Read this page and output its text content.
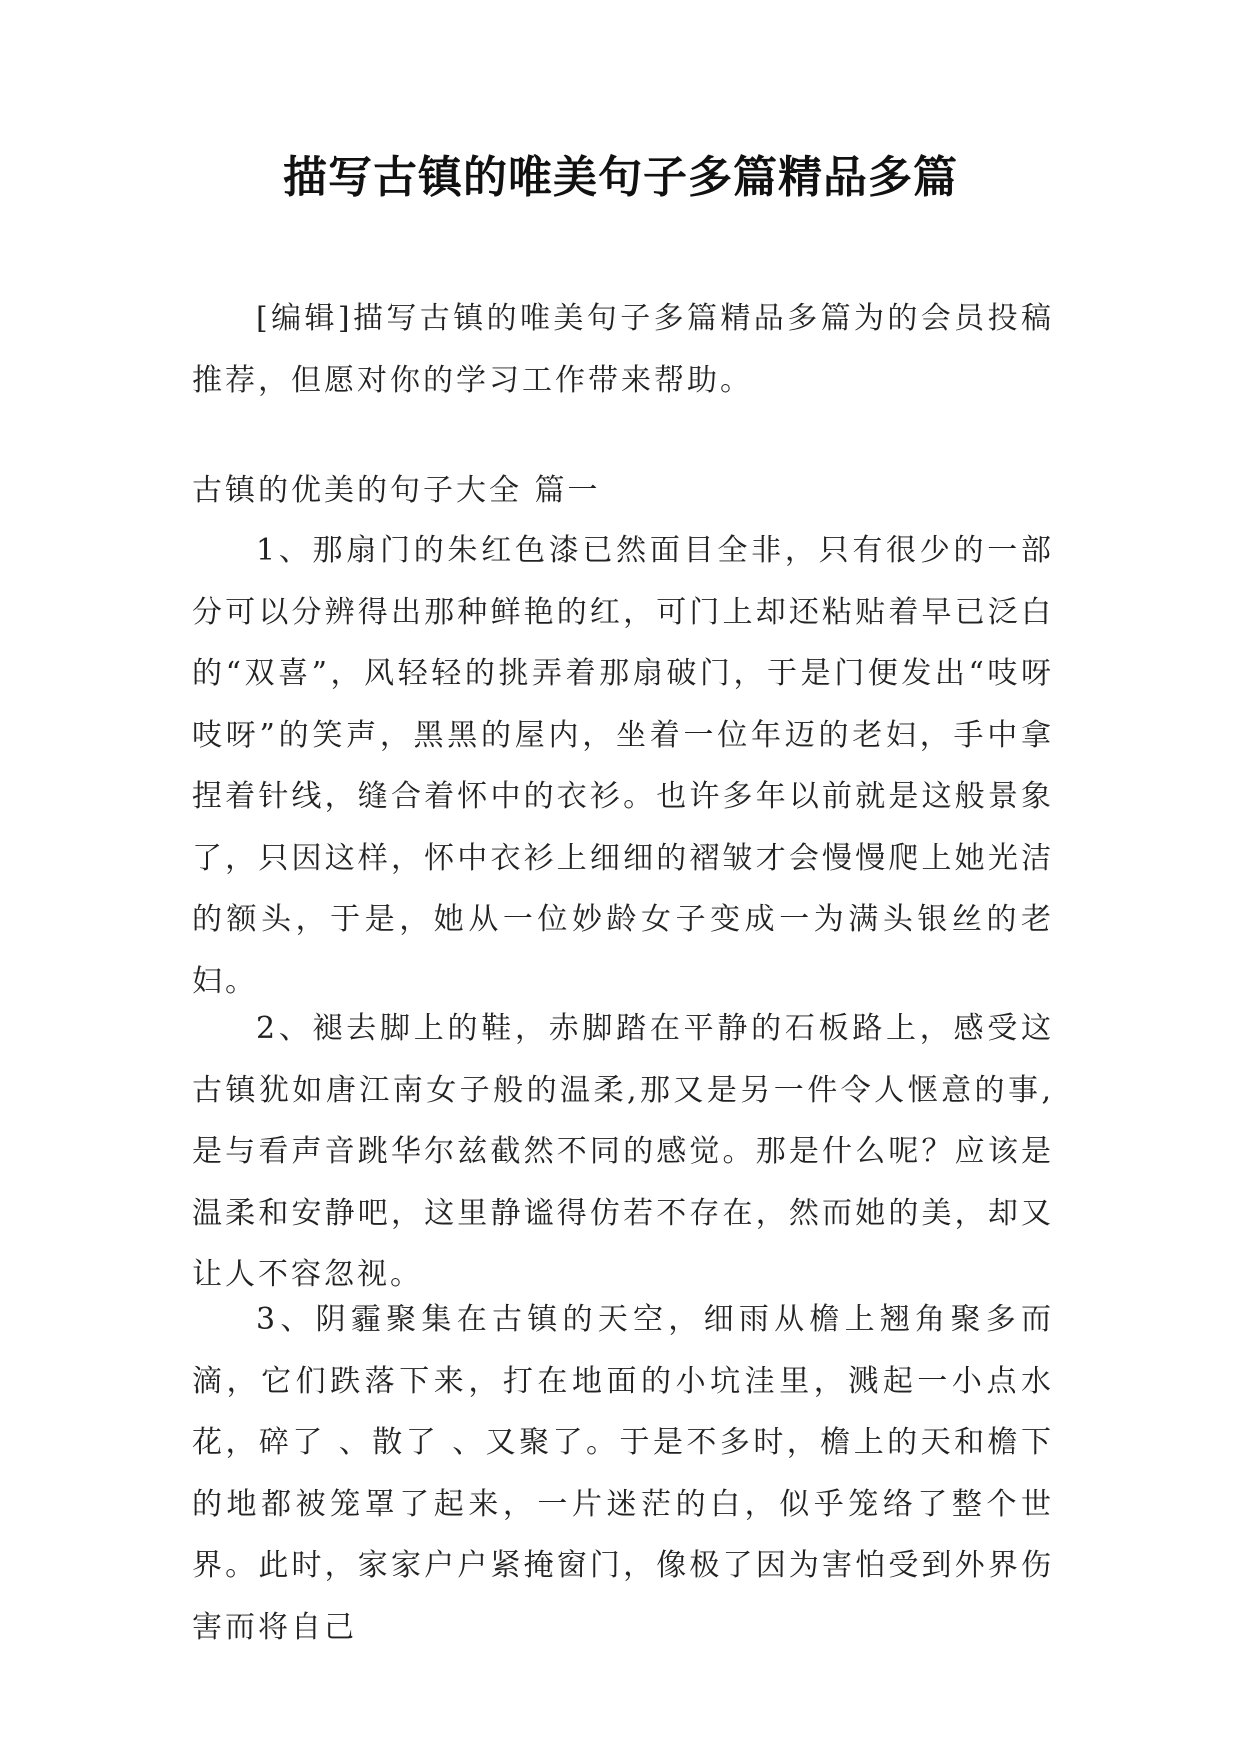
描写古镇的唯美句子多篇精品多篇

[编辑]描写古镇的唯美句子多篇精品多篇为的会员投稿推荐，但愿对你的学习工作带来帮助。

古镇的优美的句子大全 篇一

1、那扇门的朱红色漆已然面目全非，只有很少的一部分可以分辨得出那种鲜艳的红，可门上却还粘贴着早已泛白的“双喜”，风轻轻的挑弄着那扇破门，于是门便发出“吱呀吱呀”的笑声，黑黑的屋内，坐着一位年迈的老妇，手中拿捏着针线，缝合着怀中的衣衫。也许多年以前就是这般景象了，只因这样，怀中衣衫上细细的褶皱才会慢慢爬上她光洁的额头，于是，她从一位妙龄女子变成一为满头银丝的老妇。

2、褪去脚上的鞋，赤脚踏在平静的石板路上，感受这古镇犹如唐江南女子般的温柔,那又是另一件令人惬意的事,是与看声音跳华尔兹截然不同的感觉。那是什么呢？应该是温柔和安静吧，这里静谧得仿若不存在，然而她的美，却又让人不容忽视。

3、阴霾聚集在古镇的天空，细雨从檐上翘角聚多而滴，它们跌落下来，打在地面的小坑洼里，溅起一小点水花，碎了 、散了 、又聚了。于是不多时，檐上的天和檐下的地都被笼罩了起来，一片迷茫的白，似乎笼络了整个世界。此时，家家户户紧掩窗门，像极了因为害怕受到外界伤害而将自己
